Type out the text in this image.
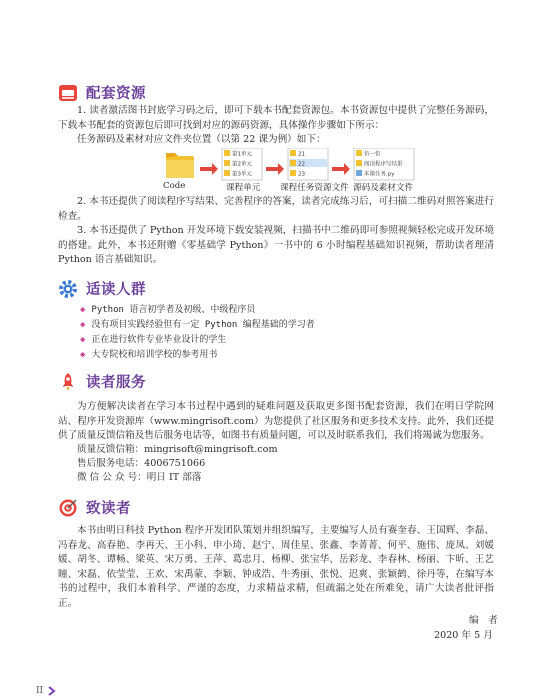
配套资源

1. 读者激活图书封底学习码之后，即可下载本书配套资源包。本书资源包中提供了完整任务源码，下载本书配套的资源包后即可找到对应的源码资源，具体操作步骤如下所示：

任务源码及素材对应文件夹位置（以第 22 课为例）如下：
第1单元
第2单元
第3单元
21
22
23
仿一仿
阅读程序写结果
本课任务.py
Code	课程单元 课程任务资源文件 源码及素材文件

2. 本书还提供了阅读程序写结果、完善程序的答案，读者完成练习后，可扫描二维码对照答案进行检查。

3. 本书还提供了 Python 开发环境下载安装视频，扫描书中二维码即可参照视频轻松完成开发环境的搭建。此外，本书还附赠《零基础学 Python》一书中的 6 小时编程基础知识视频，帮助读者理清 Python 语言基础知识。

适读人群
◆ Python 语言初学者及初级、中级程序员
◆ 没有项目实践经验但有一定 Python 编程基础的学习者
◆ 正在进行软件专业毕业设计的学生
◆ 大专院校和培训学校的参考用书
读者服务

为方便解决读者在学习本书过程中遇到的疑难问题及获取更多图书配套资源，我们在明日学院网站、程序开发资源库（www.mingrisoft.com）为您提供了社区服务和更多技术支持。此外，我们还提供了质量反馈信箱及售后服务电话等，如图书有质量问题，可以及时联系我们，我们将竭诚为您服务。

质量反馈信箱：mingrisoft@mingrisoft.com
售后服务电话：4006751066
微 信 公 众 号：明日 IT 部落
致读者

本书由明日科技 Python 程序开发团队策划并组织编写，主要编写人员有赛奎春、王国辉、李磊、冯春龙、高春艳、李再天、王小科、申小琦、赵宁、周佳星、张鑫、李菁菁、何平、施伟、庞凤、刘媛媛、胡冬、谭畅、梁英、宋万勇、王萍、葛忠月、杨柳、张宝华、岳彩龙、李春林、杨丽、卞昕、王艺瞳、宋磊、依莹莹、王欢、宋禹蒙、李颖、钟成浩、牛秀丽、张悦、迟爽、张颖鹤、徐丹等，在编写本书的过程中，我们本着科学、严谨的态度，力求精益求精，但疏漏之处在所难免，请广大读者批评指正。

编　者
2020 年 5 月
II
